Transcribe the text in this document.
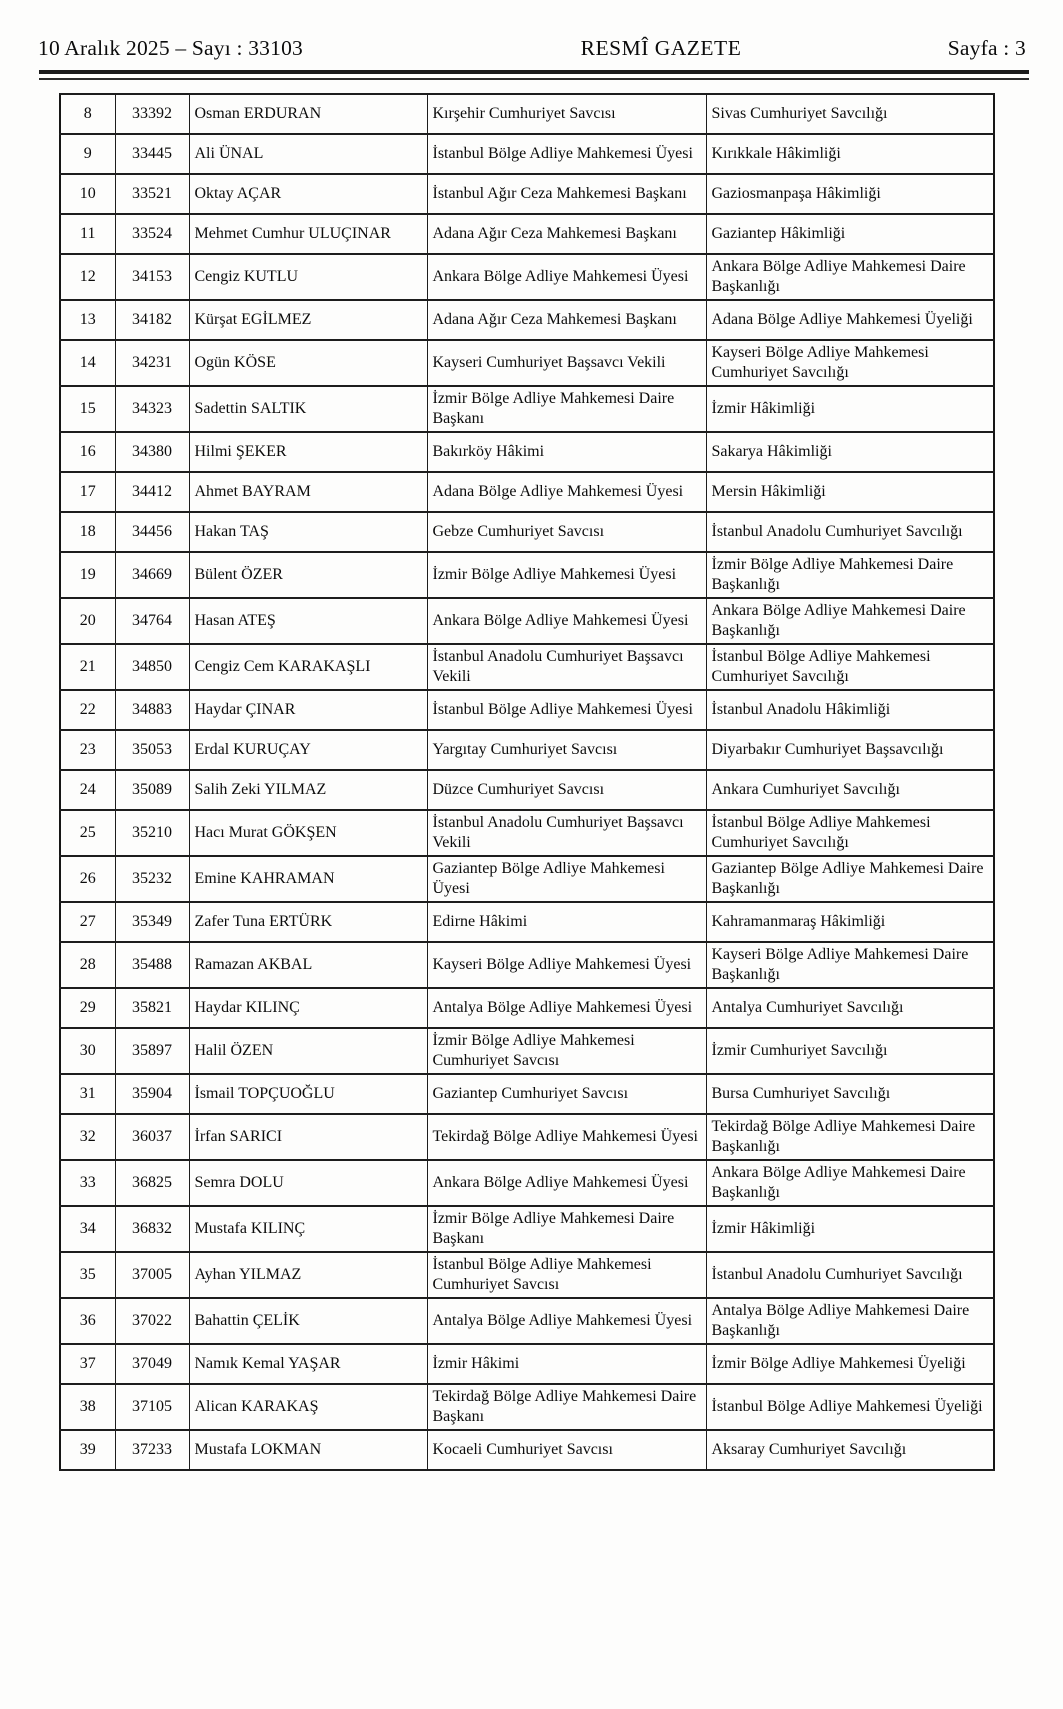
10 Aralık 2025 – Sayı : 33103	RESMÎ GAZETE	Sayfa : 3
8	33392	Osman ERDURAN	Kırşehir Cumhuriyet Savcısı	Sivas Cumhuriyet Savcılığı
9	33445	Ali ÜNAL	İstanbul Bölge Adliye Mahkemesi Üyesi	Kırıkkale Hâkimliği
10	33521	Oktay AÇAR	İstanbul Ağır Ceza Mahkemesi Başkanı	Gaziosmanpaşa Hâkimliği
11	33524	Mehmet Cumhur ULUÇINAR	Adana Ağır Ceza Mahkemesi Başkanı	Gaziantep Hâkimliği
12	34153	Cengiz KUTLU	Ankara Bölge Adliye Mahkemesi Üyesi	Ankara Bölge Adliye Mahkemesi Daire Başkanlığı
13	34182	Kürşat EGİLMEZ	Adana Ağır Ceza Mahkemesi Başkanı	Adana Bölge Adliye Mahkemesi Üyeliği
14	34231	Ogün KÖSE	Kayseri Cumhuriyet Başsavcı Vekili	Kayseri Bölge Adliye Mahkemesi Cumhuriyet Savcılığı
15	34323	Sadettin SALTIK	İzmir Bölge Adliye Mahkemesi Daire Başkanı	İzmir Hâkimliği
16	34380	Hilmi ŞEKER	Bakırköy Hâkimi	Sakarya Hâkimliği
17	34412	Ahmet BAYRAM	Adana Bölge Adliye Mahkemesi Üyesi	Mersin Hâkimliği
18	34456	Hakan TAŞ	Gebze Cumhuriyet Savcısı	İstanbul Anadolu Cumhuriyet Savcılığı
19	34669	Bülent ÖZER	İzmir Bölge Adliye Mahkemesi Üyesi	İzmir Bölge Adliye Mahkemesi Daire Başkanlığı
20	34764	Hasan ATEŞ	Ankara Bölge Adliye Mahkemesi Üyesi	Ankara Bölge Adliye Mahkemesi Daire Başkanlığı
21	34850	Cengiz Cem KARAKAŞLI	İstanbul Anadolu Cumhuriyet Başsavcı Vekili	İstanbul Bölge Adliye Mahkemesi Cumhuriyet Savcılığı
22	34883	Haydar ÇINAR	İstanbul Bölge Adliye Mahkemesi Üyesi	İstanbul Anadolu Hâkimliği
23	35053	Erdal KURUÇAY	Yargıtay Cumhuriyet Savcısı	Diyarbakır Cumhuriyet Başsavcılığı
24	35089	Salih Zeki YILMAZ	Düzce Cumhuriyet Savcısı	Ankara Cumhuriyet Savcılığı
25	35210	Hacı Murat GÖKŞEN	İstanbul Anadolu Cumhuriyet Başsavcı Vekili	İstanbul Bölge Adliye Mahkemesi Cumhuriyet Savcılığı
26	35232	Emine KAHRAMAN	Gaziantep Bölge Adliye Mahkemesi Üyesi	Gaziantep Bölge Adliye Mahkemesi Daire Başkanlığı
27	35349	Zafer Tuna ERTÜRK	Edirne Hâkimi	Kahramanmaraş Hâkimliği
28	35488	Ramazan AKBAL	Kayseri Bölge Adliye Mahkemesi Üyesi	Kayseri Bölge Adliye Mahkemesi Daire Başkanlığı
29	35821	Haydar KILINÇ	Antalya Bölge Adliye Mahkemesi Üyesi	Antalya Cumhuriyet Savcılığı
30	35897	Halil ÖZEN	İzmir Bölge Adliye Mahkemesi Cumhuriyet Savcısı	İzmir Cumhuriyet Savcılığı
31	35904	İsmail TOPÇUOĞLU	Gaziantep Cumhuriyet Savcısı	Bursa Cumhuriyet Savcılığı
32	36037	İrfan SARICI	Tekirdağ Bölge Adliye Mahkemesi Üyesi	Tekirdağ Bölge Adliye Mahkemesi Daire Başkanlığı
33	36825	Semra DOLU	Ankara Bölge Adliye Mahkemesi Üyesi	Ankara Bölge Adliye Mahkemesi Daire Başkanlığı
34	36832	Mustafa KILINÇ	İzmir Bölge Adliye Mahkemesi Daire Başkanı	İzmir Hâkimliği
35	37005	Ayhan YILMAZ	İstanbul Bölge Adliye Mahkemesi Cumhuriyet Savcısı	İstanbul Anadolu Cumhuriyet Savcılığı
36	37022	Bahattin ÇELİK	Antalya Bölge Adliye Mahkemesi Üyesi	Antalya Bölge Adliye Mahkemesi Daire Başkanlığı
37	37049	Namık Kemal YAŞAR	İzmir Hâkimi	İzmir Bölge Adliye Mahkemesi Üyeliği
38	37105	Alican KARAKAŞ	Tekirdağ Bölge Adliye Mahkemesi Daire Başkanı	İstanbul Bölge Adliye Mahkemesi Üyeliği
39	37233	Mustafa LOKMAN	Kocaeli Cumhuriyet Savcısı	Aksaray Cumhuriyet Savcılığı
